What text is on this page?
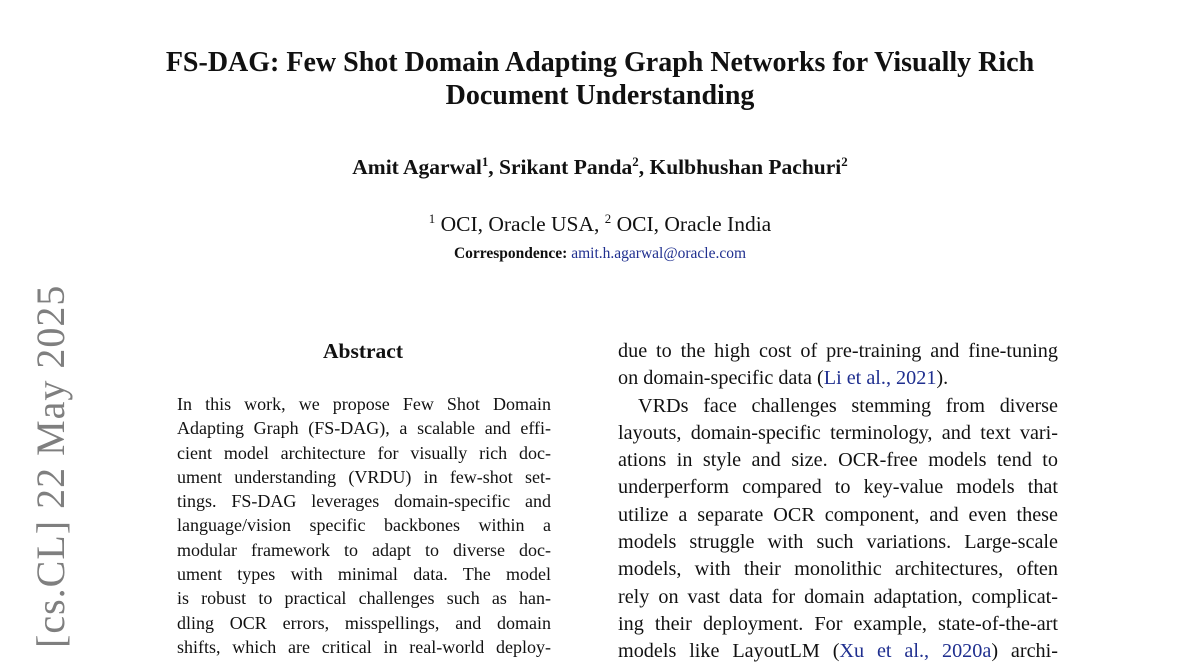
[cs.CL] 22 May 2025
FS-DAG: Few Shot Domain Adapting Graph Networks for Visually Rich
Document Understanding
Amit Agarwal$^1$, Srikant Panda$^2$, Kulbhushan Pachuri$^2$
$^1$ OCI, Oracle USA, $^2$ OCI, Oracle India
Correspondence: amit.h.agarwal@oracle.com
Abstract
In this work, we propose Few Shot Domain
Adapting Graph (FS-DAG), a scalable and effi-
cient model architecture for visually rich doc-
ument understanding (VRDU) in few-shot set-
tings. FS-DAG leverages domain-specific and
language/vision specific backbones within a
modular framework to adapt to diverse doc-
ument types with minimal data. The model
is robust to practical challenges such as han-
dling OCR errors, misspellings, and domain
shifts, which are critical in real-world deploy-
due to the high cost of pre-training and fine-tuning
on domain-specific data (Li et al., 2021).
VRDs face challenges stemming from diverse
layouts, domain-specific terminology, and text vari-
ations in style and size. OCR-free models tend to
underperform compared to key-value models that
utilize a separate OCR component, and even these
models struggle with such variations. Large-scale
models, with their monolithic architectures, often
rely on vast data for domain adaptation, complicat-
ing their deployment. For example, state-of-the-art
models like LayoutLM (Xu et al., 2020a) archi-
